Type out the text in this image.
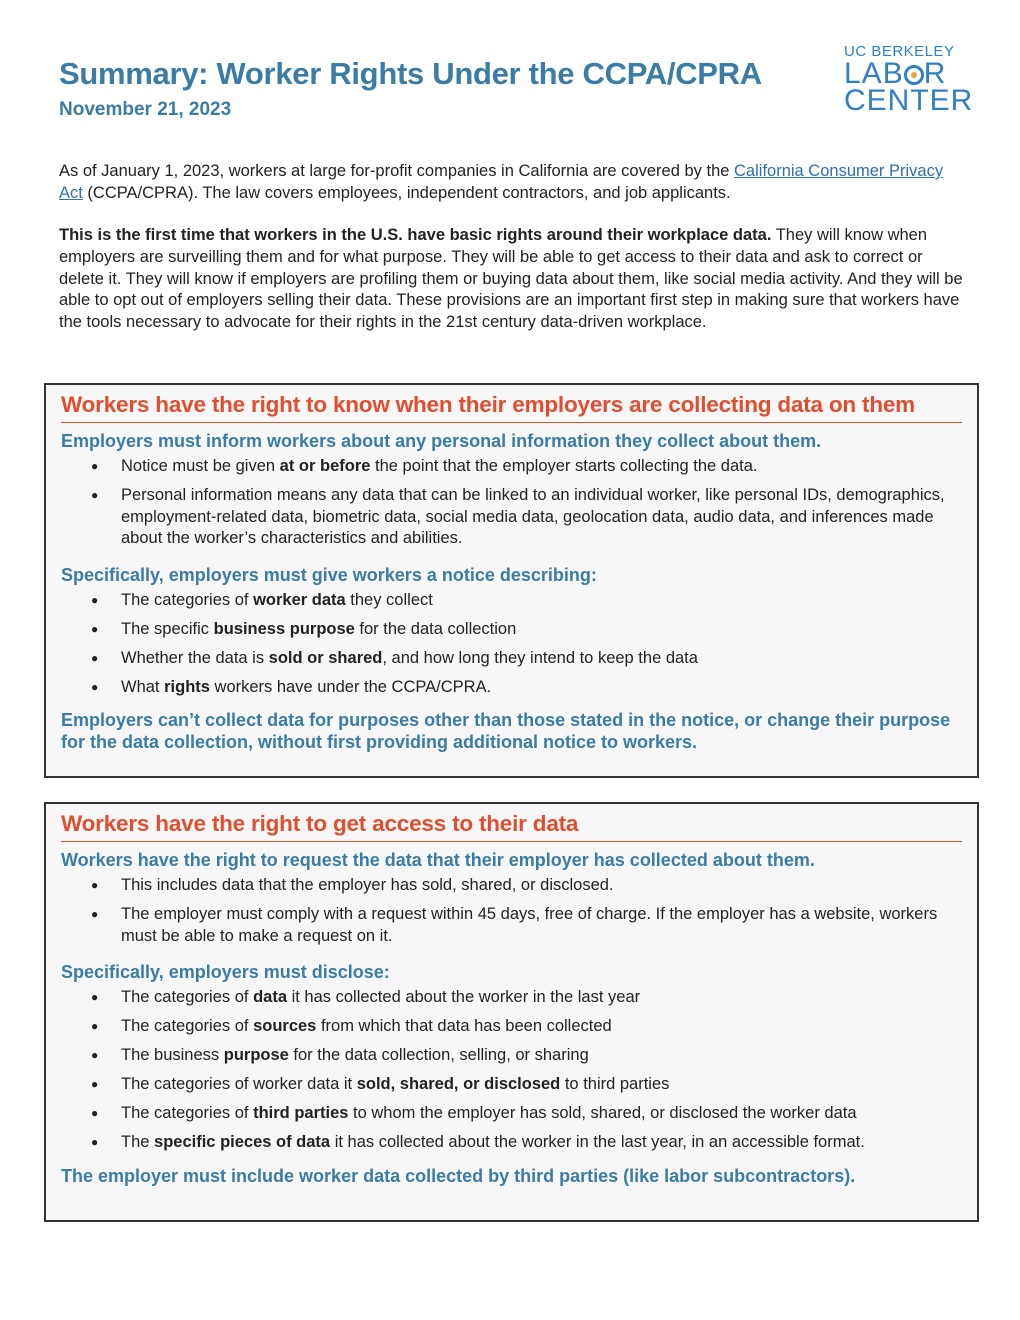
Summary: Worker Rights Under the CCPA/CPRA
November 21, 2023
UC BERKELEY
LAB R
CENTER

As of January 1, 2023, workers at large for-profit companies in California are covered by the California Consumer Privacy Act (CCPA/CPRA). The law covers employees, independent contractors, and job applicants.

This is the first time that workers in the U.S. have basic rights around their workplace data. They will know when employers are surveilling them and for what purpose. They will be able to get access to their data and ask to correct or delete it. They will know if employers are profiling them or buying data about them, like social media activity. And they will be able to opt out of employers selling their data. These provisions are an important first step in making sure that workers have the tools necessary to advocate for their rights in the 21st century data-driven workplace.

Workers have the right to know when their employers are collecting data on them
Employers must inform workers about any personal information they collect about them.
● Notice must be given at or before the point that the employer starts collecting the data.
● Personal information means any data that can be linked to an individual worker, like personal IDs, demographics, employment-related data, biometric data, social media data, geolocation data, audio data, and inferences made about the worker’s characteristics and abilities.
Specifically, employers must give workers a notice describing:
● The categories of worker data they collect
● The specific business purpose for the data collection
● Whether the data is sold or shared, and how long they intend to keep the data
● What rights workers have under the CCPA/CPRA.
Employers can’t collect data for purposes other than those stated in the notice, or change their purpose for the data collection, without first providing additional notice to workers.
Workers have the right to get access to their data
Workers have the right to request the data that their employer has collected about them.
● This includes data that the employer has sold, shared, or disclosed.
● The employer must comply with a request within 45 days, free of charge. If the employer has a website, workers must be able to make a request on it.
Specifically, employers must disclose:
● The categories of data it has collected about the worker in the last year
● The categories of sources from which that data has been collected
● The business purpose for the data collection, selling, or sharing
● The categories of worker data it sold, shared, or disclosed to third parties
● The categories of third parties to whom the employer has sold, shared, or disclosed the worker data
● The specific pieces of data it has collected about the worker in the last year, in an accessible format.
The employer must include worker data collected by third parties (like labor subcontractors).
